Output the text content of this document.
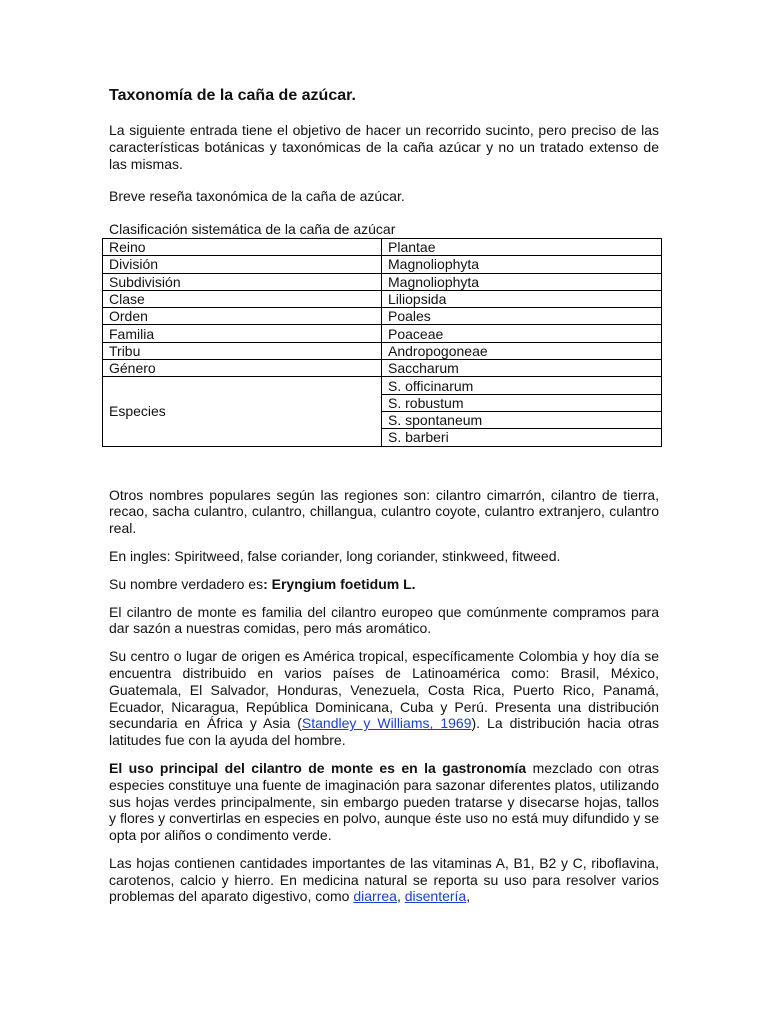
Taxonomía de la caña de azúcar.

La siguiente entrada tiene el objetivo de hacer un recorrido sucinto, pero preciso de las características botánicas y taxonómicas de la caña azúcar y no un tratado extenso de las mismas.

Breve reseña taxonómica de la caña de azúcar.

Clasificación sistemática de la caña de azúcar

Reino	Plantae
División	Magnoliophyta
Subdivisión	Magnoliophyta
Clase	Liliopsida
Orden	Poales
Familia	Poaceae
Tribu	Andropogoneae
Género	Saccharum
Especies	S. officinarum
	S. robustum
	S. spontaneum
	S. barberi

Otros nombres populares según las regiones son: cilantro cimarrón, cilantro de tierra, recao, sacha culantro, culantro, chillangua, culantro coyote, culantro extranjero, culantro real.

En ingles: Spiritweed, false coriander, long coriander, stinkweed, fitweed.

Su nombre verdadero es: Eryngium foetidum L.

El cilantro de monte es familia del cilantro europeo que comúnmente compramos para dar sazón a nuestras comidas, pero más aromático.

Su centro o lugar de origen es América tropical, específicamente Colombia y hoy día se encuentra distribuido en varios países de Latinoamérica como: Brasil, México, Guatemala, El Salvador, Honduras, Venezuela, Costa Rica, Puerto Rico, Panamá, Ecuador, Nicaragua, República Dominicana, Cuba y Perú. Presenta una distribución secundaria en África y Asia (Standley y Williams, 1969). La distribución hacia otras latitudes fue con la ayuda del hombre.

El uso principal del cilantro de monte es en la gastronomía mezclado con otras especies constituye una fuente de imaginación para sazonar diferentes platos, utilizando sus hojas verdes principalmente, sin embargo pueden tratarse y disecarse hojas, tallos y flores y convertirlas en especies en polvo, aunque éste uso no está muy difundido y se opta por aliños o condimento verde.

Las hojas contienen cantidades importantes de las vitaminas A, B1, B2 y C, riboflavina, carotenos, calcio y hierro. En medicina natural se reporta su uso para resolver varios problemas del aparato digestivo, como diarrea, disentería,
